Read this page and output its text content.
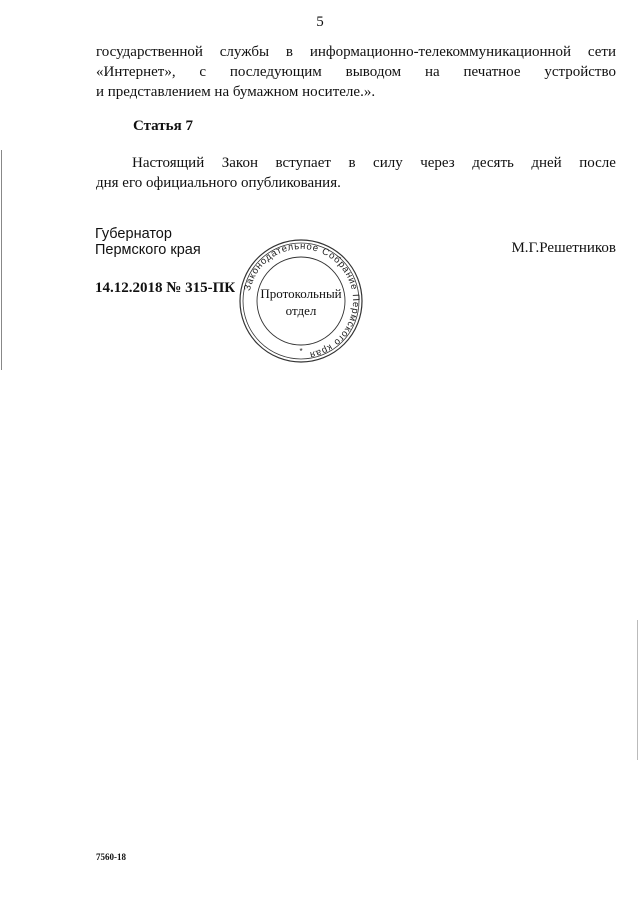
5
государственной службы в информационно-телекоммуникационной сети
«Интернет», с последующим выводом на печатное устройство
и представлением на бумажном носителе.».
Статья 7
Настоящий Закон вступает в силу через десять дней после
дня его официального опубликования.
Губернатор
Пермского края	М.Г.Решетников
14.12.2018 № 315-ПК Законодательное Собрание Пермского края
Протокольный
отдел
*
7560-18
